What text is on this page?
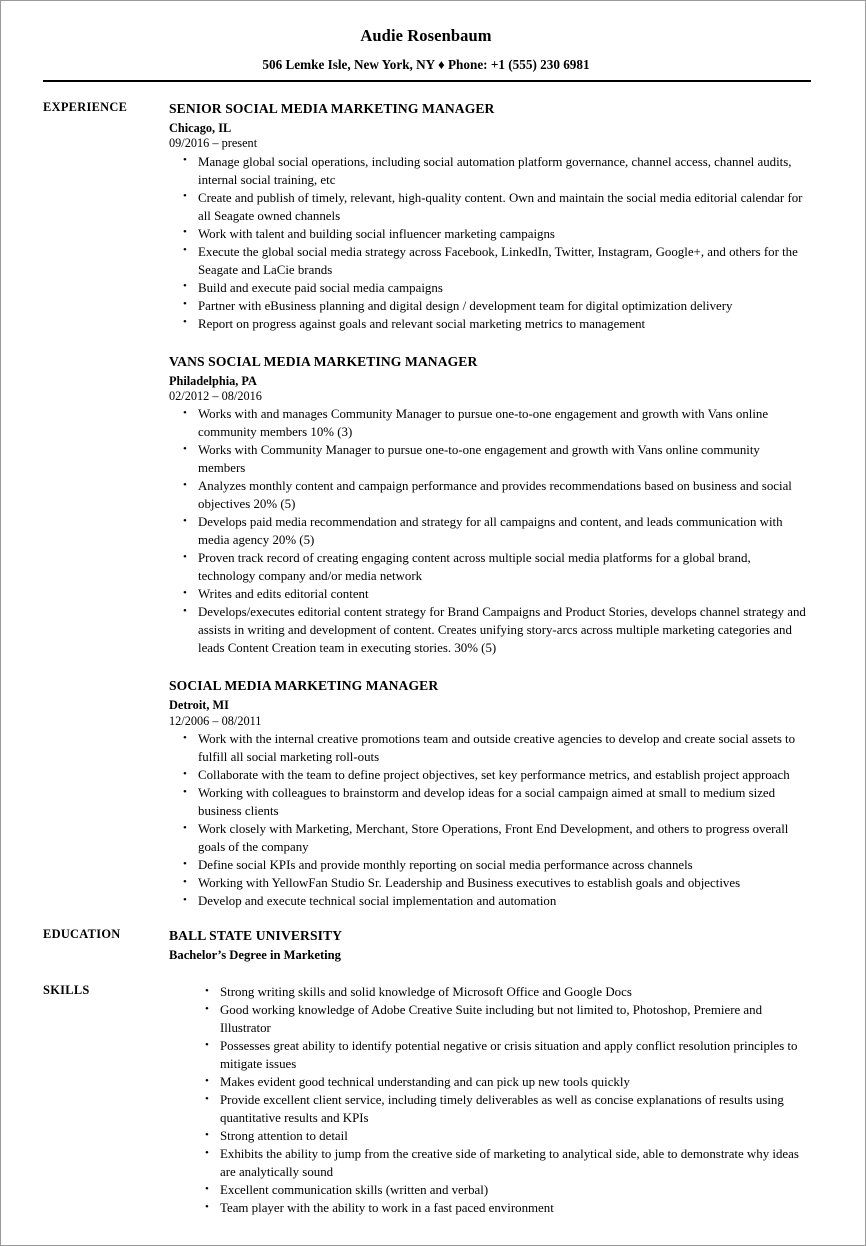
Audie Rosenbaum
506 Lemke Isle, New York, NY ♦ Phone: +1 (555) 230 6981
EXPERIENCE	SENIOR SOCIAL MEDIA MARKETING MANAGER
Chicago, IL
09/2016 – present
• Manage global social operations, including social automation platform governance, channel access, channel audits, internal social training, etc
• Create and publish of timely, relevant, high-quality content. Own and maintain the social media editorial calendar for all Seagate owned channels
• Work with talent and building social influencer marketing campaigns
• Execute the global social media strategy across Facebook, LinkedIn, Twitter, Instagram, Google+, and others for the Seagate and LaCie brands
• Build and execute paid social media campaigns
• Partner with eBusiness planning and digital design / development team for digital optimization delivery
• Report on progress against goals and relevant social marketing metrics to management
VANS SOCIAL MEDIA MARKETING MANAGER
Philadelphia, PA
02/2012 – 08/2016
• Works with and manages Community Manager to pursue one-to-one engagement and growth with Vans online community members 10% (3)
• Works with Community Manager to pursue one-to-one engagement and growth with Vans online community members
• Analyzes monthly content and campaign performance and provides recommendations based on business and social objectives 20% (5)
• Develops paid media recommendation and strategy for all campaigns and content, and leads communication with media agency 20% (5)
• Proven track record of creating engaging content across multiple social media platforms for a global brand, technology company and/or media network
• Writes and edits editorial content
• Develops/executes editorial content strategy for Brand Campaigns and Product Stories, develops channel strategy and assists in writing and development of content. Creates unifying story-arcs across multiple marketing categories and leads Content Creation team in executing stories. 30% (5)
SOCIAL MEDIA MARKETING MANAGER
Detroit, MI
12/2006 – 08/2011
• Work with the internal creative promotions team and outside creative agencies to develop and create social assets to fulfill all social marketing roll-outs
• Collaborate with the team to define project objectives, set key performance metrics, and establish project approach
• Working with colleagues to brainstorm and develop ideas for a social campaign aimed at small to medium sized business clients
• Work closely with Marketing, Merchant, Store Operations, Front End Development, and others to progress overall goals of the company
• Define social KPIs and provide monthly reporting on social media performance across channels
• Working with YellowFan Studio Sr. Leadership and Business executives to establish goals and objectives
• Develop and execute technical social implementation and automation
EDUCATION	BALL STATE UNIVERSITY
Bachelor’s Degree in Marketing
SKILLS	• Strong writing skills and solid knowledge of Microsoft Office and Google Docs
• Good working knowledge of Adobe Creative Suite including but not limited to, Photoshop, Premiere and Illustrator
• Possesses great ability to identify potential negative or crisis situation and apply conflict resolution principles to mitigate issues
• Makes evident good technical understanding and can pick up new tools quickly
• Provide excellent client service, including timely deliverables as well as concise explanations of results using quantitative results and KPIs
• Strong attention to detail
• Exhibits the ability to jump from the creative side of marketing to analytical side, able to demonstrate why ideas are analytically sound
• Excellent communication skills (written and verbal)
• Team player with the ability to work in a fast paced environment
